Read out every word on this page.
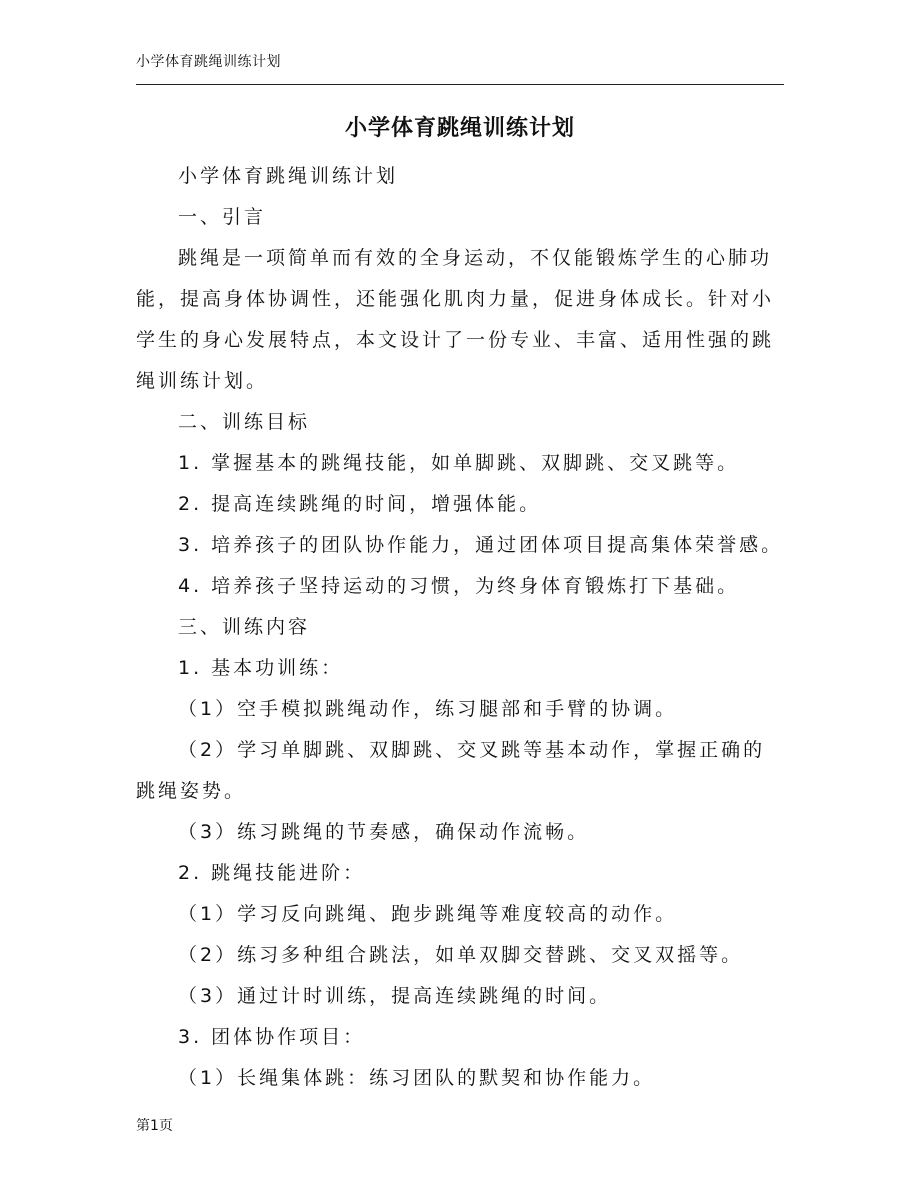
小学体育跳绳训练计划
小学体育跳绳训练计划

小学体育跳绳训练计划

一、引言

跳绳是一项简单而有效的全身运动，不仅能锻炼学生的心肺功能，提高身体协调性，还能强化肌肉力量，促进身体成长。针对小学生的身心发展特点，本文设计了一份专业、丰富、适用性强的跳绳训练计划。

二、训练目标

1. 掌握基本的跳绳技能，如单脚跳、双脚跳、交叉跳等。

2. 提高连续跳绳的时间，增强体能。

3. 培养孩子的团队协作能力，通过团体项目提高集体荣誉感。

4. 培养孩子坚持运动的习惯，为终身体育锻炼打下基础。

三、训练内容

1. 基本功训练：

（1）空手模拟跳绳动作，练习腿部和手臂的协调。

（2）学习单脚跳、双脚跳、交叉跳等基本动作，掌握正确的跳绳姿势。

（3）练习跳绳的节奏感，确保动作流畅。

2. 跳绳技能进阶：

（1）学习反向跳绳、跑步跳绳等难度较高的动作。

（2）练习多种组合跳法，如单双脚交替跳、交叉双摇等。

（3）通过计时训练，提高连续跳绳的时间。

3. 团体协作项目：

（1）长绳集体跳：练习团队的默契和协作能力。

第1页
